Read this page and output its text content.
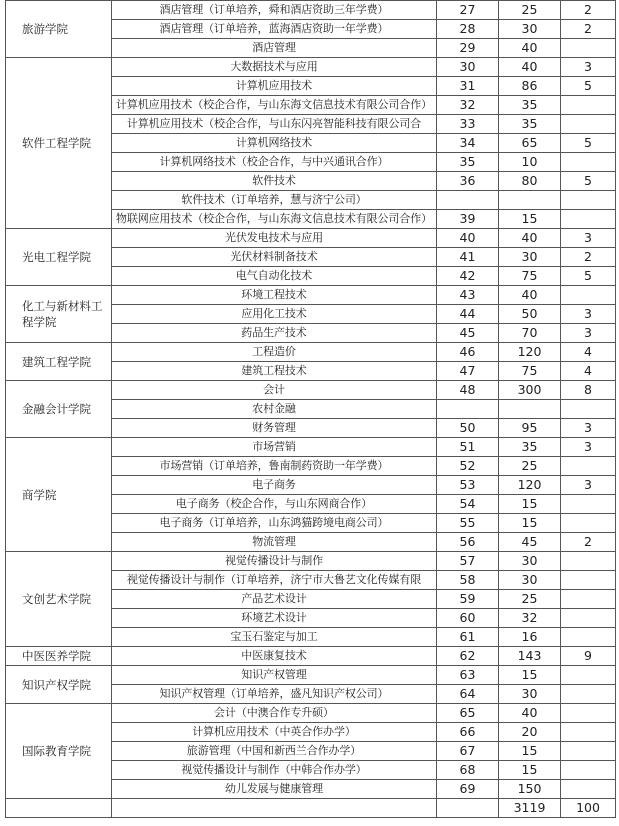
旅游学院	酒店管理（订单培养，舜和酒店资助三年学费）	27	25	2
	酒店管理（订单培养，蓝海酒店资助一年学费）	28	30	2
	酒店管理	29	40	
软件工程学院	大数据技术与应用	30	40	3
	计算机应用技术	31	86	5
	计算机应用技术（校企合作，与山东海文信息技术有限公司合作）	32	35	
	计算机应用技术（校企合作，与山东闪亮智能科技有限公司合	33	35	
	计算机网络技术	34	65	5
	计算机网络技术（校企合作，与中兴通讯合作）	35	10	
	软件技术	36	80	5
	软件技术（订单培养，慧与济宁公司）			
	物联网应用技术（校企合作，与山东海文信息技术有限公司合作）	39	15	
光电工程学院	光伏发电技术与应用	40	40	3
	光伏材料制备技术	41	30	2
	电气自动化技术	42	75	5
化工与新材料工程学院	环境工程技术	43	40	
	应用化工技术	44	50	3
	药品生产技术	45	70	3
建筑工程学院	工程造价	46	120	4
	建筑工程技术	47	75	4
金融会计学院	会计	48	300	8
	农村金融			
	财务管理	50	95	3
商学院	市场营销	51	35	3
	市场营销（订单培养，鲁南制药资助一年学费）	52	25	
	电子商务	53	120	3
	电子商务（校企合作，与山东网商合作）	54	15	
	电子商务（订单培养，山东鸿猫跨境电商公司）	55	15	
	物流管理	56	45	2
文创艺术学院	视觉传播设计与制作	57	30	
	视觉传播设计与制作（订单培养，济宁市大鲁艺文化传媒有限	58	30	
	产品艺术设计	59	25	
	环境艺术设计	60	32	
	宝玉石鉴定与加工	61	16	
中医医养学院	中医康复技术	62	143	9
知识产权学院	知识产权管理	63	15	
	知识产权管理（订单培养，盛凡知识产权公司）	64	30	
国际教育学院	会计（中澳合作专升硕）	65	40	
	计算机应用技术（中英合作办学）	66	20	
	旅游管理（中国和新西兰合作办学）	67	15	
	视觉传播设计与制作（中韩合作办学）	68	15	
	幼儿发展与健康管理	69	150	
			3119	100
